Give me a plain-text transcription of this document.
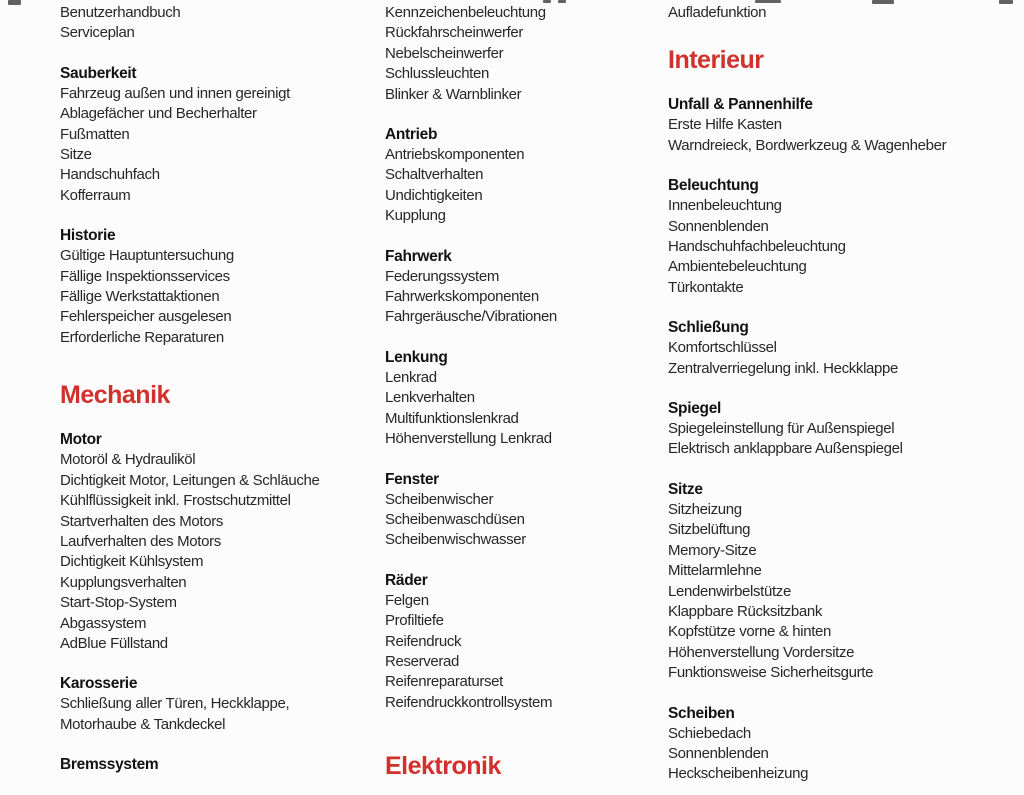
Benutzerhandbuch
Serviceplan
Sauberkeit
Fahrzeug außen und innen gereinigt
Ablagefächer und Becherhalter
Fußmatten
Sitze
Handschuhfach
Kofferraum
Historie
Gültige Hauptuntersuchung
Fällige Inspektionsservices
Fällige Werkstattaktionen
Fehlerspeicher ausgelesen
Erforderliche Reparaturen
Mechanik
Motor
Motoröl & Hydrauliköl
Dichtigkeit Motor, Leitungen & Schläuche
Kühlflüssigkeit inkl. Frostschutzmittel
Startverhalten des Motors
Laufverhalten des Motors
Dichtigkeit Kühlsystem
Kupplungsverhalten
Start-Stop-System
Abgassystem
AdBlue Füllstand
Karosserie
Schließung aller Türen, Heckklappe,
Motorhaube & Tankdeckel
Bremssystem
Kennzeichenbeleuchtung
Rückfahrscheinwerfer
Nebelscheinwerfer
Schlussleuchten
Blinker & Warnblinker
Antrieb
Antriebskomponenten
Schaltverhalten
Undichtigkeiten
Kupplung
Fahrwerk
Federungssystem
Fahrwerkskomponenten
Fahrgeräusche/Vibrationen
Lenkung
Lenkrad
Lenkverhalten
Multifunktionslenkrad
Höhenverstellung Lenkrad
Fenster
Scheibenwischer
Scheibenwaschdüsen
Scheibenwischwasser
Räder
Felgen
Profiltiefe
Reifendruck
Reserverad
Reifenreparaturset
Reifendruckkontrollsystem
Elektronik
Aufladefunktion
Interieur
Unfall & Pannenhilfe
Erste Hilfe Kasten
Warndreieck, Bordwerkzeug & Wagenheber
Beleuchtung
Innenbeleuchtung
Sonnenblenden
Handschuhfachbeleuchtung
Ambientebeleuchtung
Türkontakte
Schließung
Komfortschlüssel
Zentralverriegelung inkl. Heckklappe
Spiegel
Spiegeleinstellung für Außenspiegel
Elektrisch anklappbare Außenspiegel
Sitze
Sitzheizung
Sitzbelüftung
Memory-Sitze
Mittelarmlehne
Lendenwirbelstütze
Klappbare Rücksitzbank
Kopfstütze vorne & hinten
Höhenverstellung Vordersitze
Funktionsweise Sicherheitsgurte
Scheiben
Schiebedach
Sonnenblenden
Heckscheibenheizung
